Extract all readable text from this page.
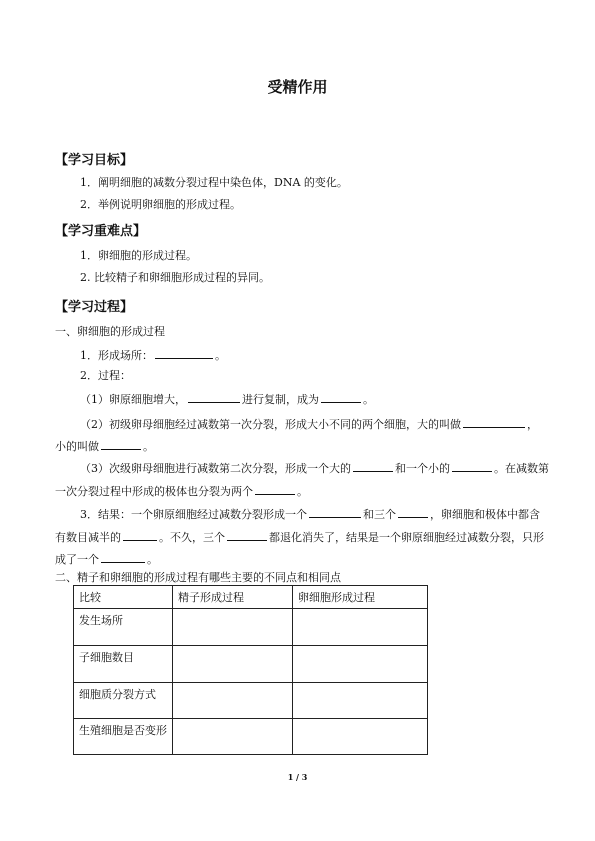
受精作用
【学习目标】
1．阐明细胞的减数分裂过程中染色体，DNA 的变化。
2．举例说明卵细胞的形成过程。
【学习重难点】
1．卵细胞的形成过程。
2. 比较精子和卵细胞形成过程的异同。
【学习过程】
一、卵细胞的形成过程
1．形成场所：	。
2．过程：
（1）卵原细胞增大，	进行复制，成为	。
（2）初级卵母细胞经过减数第一次分裂，形成大小不同的两个细胞，大的叫做	，
小的叫做	。
（3）次级卵母细胞进行减数第二次分裂，形成一个大的	和一个小的	。在减数第
一次分裂过程中形成的极体也分裂为两个	。
3．结果：一个卵原细胞经过减数分裂形成一个	和三个	，卵细胞和极体中都含
有数目减半的	。不久，三个	都退化消失了，结果是一个卵原细胞经过减数分裂，只形
成了一个	。
二、精子和卵细胞的形成过程有哪些主要的不同点和相同点
比较	精子形成过程	卵细胞形成过程
发生场所		
子细胞数目		
细胞质分裂方式		
生殖细胞是否变形		
1 / 3
